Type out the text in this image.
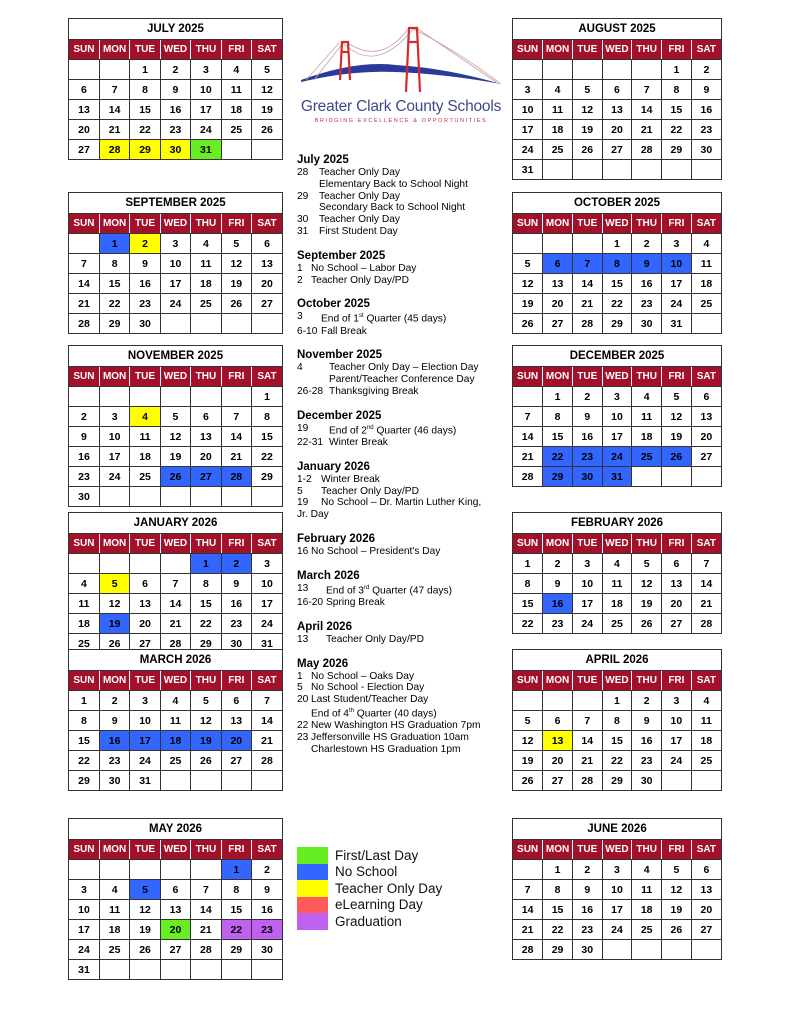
Greater Clark County Schools
BRIDGING EXCELLENCE & OPPORTUNITIES
JULY 2025
SUN	MON	TUE	WED	THU	FRI	SAT
		1	2	3	4	5
6	7	8	9	10	11	12
13	14	15	16	17	18	19
20	21	22	23	24	25	26
27	28	29	30	31		
AUGUST 2025
SUN	MON	TUE	WED	THU	FRI	SAT
					1	2
3	4	5	6	7	8	9
10	11	12	13	14	15	16
17	18	19	20	21	22	23
24	25	26	27	28	29	30
31						
SEPTEMBER 2025
SUN	MON	TUE	WED	THU	FRI	SAT
	1	2	3	4	5	6
7	8	9	10	11	12	13
14	15	16	17	18	19	20
21	22	23	24	25	26	27
28	29	30				
OCTOBER 2025
SUN	MON	TUE	WED	THU	FRI	SAT
			1	2	3	4
5	6	7	8	9	10	11
12	13	14	15	16	17	18
19	20	21	22	23	24	25
26	27	28	29	30	31	
NOVEMBER 2025
SUN	MON	TUE	WED	THU	FRI	SAT
						1
2	3	4	5	6	7	8
9	10	11	12	13	14	15
16	17	18	19	20	21	22
23	24	25	26	27	28	29
30						
DECEMBER 2025
SUN	MON	TUE	WED	THU	FRI	SAT
	1	2	3	4	5	6
7	8	9	10	11	12	13
14	15	16	17	18	19	20
21	22	23	24	25	26	27
28	29	30	31			
JANUARY 2026
SUN	MON	TUE	WED	THU	FRI	SAT
				1	2	3
4	5	6	7	8	9	10
11	12	13	14	15	16	17
18	19	20	21	22	23	24
25	26	27	28	29	30	31
FEBRUARY 2026
SUN	MON	TUE	WED	THU	FRI	SAT
1	2	3	4	5	6	7
8	9	10	11	12	13	14
15	16	17	18	19	20	21
22	23	24	25	26	27	28
MARCH 2026
SUN	MON	TUE	WED	THU	FRI	SAT
1	2	3	4	5	6	7
8	9	10	11	12	13	14
15	16	17	18	19	20	21
22	23	24	25	26	27	28
29	30	31				
APRIL 2026
SUN	MON	TUE	WED	THU	FRI	SAT
			1	2	3	4
5	6	7	8	9	10	11
12	13	14	15	16	17	18
19	20	21	22	23	24	25
26	27	28	29	30		
MAY 2026
SUN	MON	TUE	WED	THU	FRI	SAT
					1	2
3	4	5	6	7	8	9
10	11	12	13	14	15	16
17	18	19	20	21	22	23
24	25	26	27	28	29	30
31						
JUNE 2026
SUN	MON	TUE	WED	THU	FRI	SAT
	1	2	3	4	5	6
7	8	9	10	11	12	13
14	15	16	17	18	19	20
21	22	23	24	25	26	27
28	29	30				
July 2025
28	Teacher Only Day
Elementary Back to School Night
29	Teacher Only Day
Secondary Back to School Night
30	Teacher Only Day
31	First Student Day
September 2025
1 No School – Labor Day
2 Teacher Only Day/PD
October 2025
3	End of 1st Quarter (45 days)
6-10 Fall Break
November 2025
4	Teacher Only Day – Election Day
Parent/Teacher Conference Day
26-28 Thanksgiving Break
December 2025
19	End of 2nd Quarter (46 days)
22-31 Winter Break
January 2026
1-2 Winter Break
5	Teacher Only Day/PD
19	No School – Dr. Martin Luther King,
Jr. Day
February 2026
16 No School – President's Day
March 2026
13	End of 3rd Quarter (47 days)
16-20 Spring Break
April 2026
13	Teacher Only Day/PD
May 2026
1 No School – Oaks Day
5 No School - Election Day
20 Last Student/Teacher Day
End of 4th Quarter (40 days)
22 New Washington HS Graduation 7pm
23 Jeffersonville HS Graduation 10am
Charlestown HS Graduation 1pm
First/Last Day
No School
Teacher Only Day
eLearning Day
Graduation
